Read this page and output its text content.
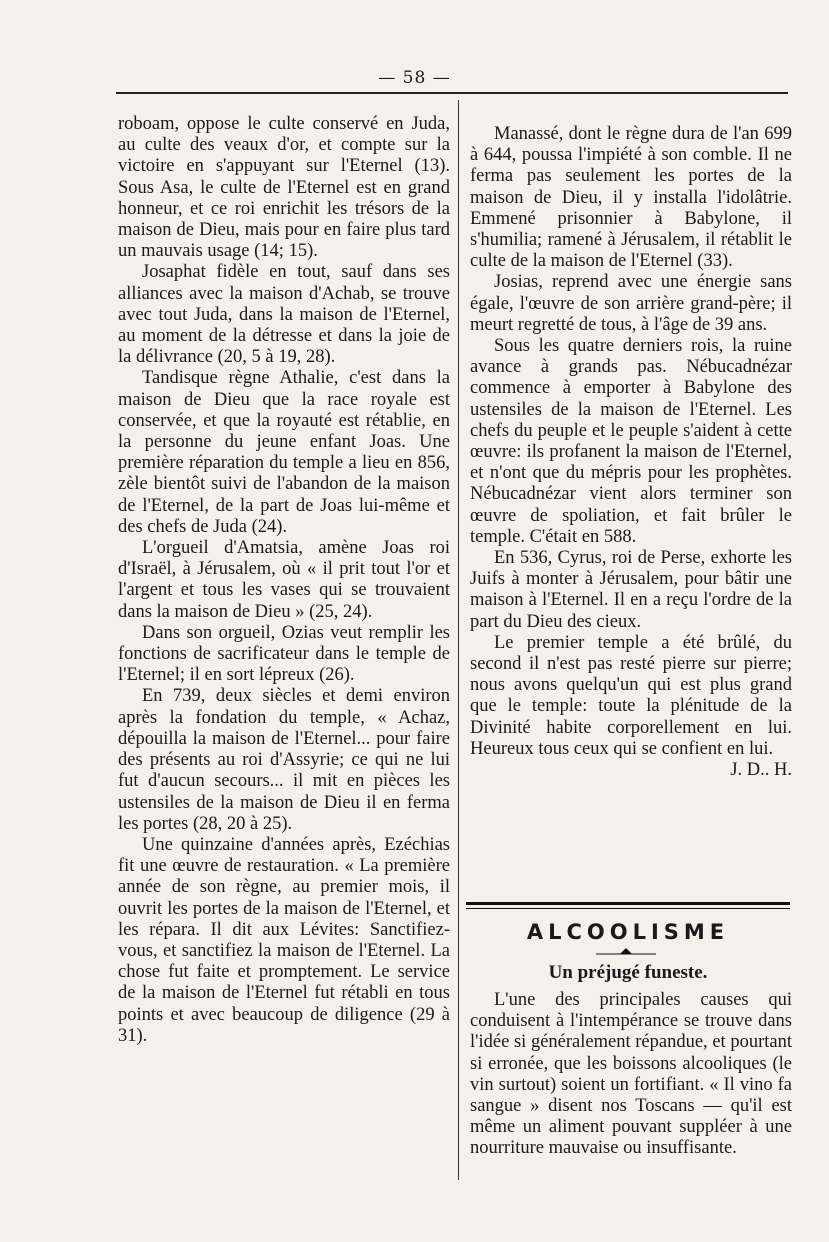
— 58 —

roboam, oppose le culte conservé en Juda, au culte des veaux d'or, et compte sur la victoire en s'appuyant sur l'Eternel (13). Sous Asa, le culte de l'Eternel est en grand honneur, et ce roi enrichit les trésors de la maison de Dieu, mais pour en faire plus tard un mauvais usage (14; 15).

Josaphat fidèle en tout, sauf dans ses alliances avec la maison d'Achab, se trouve avec tout Juda, dans la maison de l'Eternel, au moment de la détresse et dans la joie de la délivrance (20, 5 à 19, 28).

Tandisque règne Athalie, c'est dans la maison de Dieu que la race royale est conservée, et que la royauté est rétablie, en la personne du jeune enfant Joas. Une première réparation du temple a lieu en 856, zèle bientôt suivi de l'abandon de la maison de l'Eternel, de la part de Joas lui-même et des chefs de Juda (24).

L'orgueil d'Amatsia, amène Joas roi d'Israël, à Jérusalem, où « il prit tout l'or et l'argent et tous les vases qui se trouvaient dans la maison de Dieu » (25, 24).

Dans son orgueil, Ozias veut remplir les fonctions de sacrificateur dans le temple de l'Eternel; il en sort lépreux (26).

En 739, deux siècles et demi environ après la fondation du temple, « Achaz, dépouilla la maison de l'Eternel... pour faire des présents au roi d'Assyrie; ce qui ne lui fut d'aucun secours... il mit en pièces les ustensiles de la maison de Dieu il en ferma les portes (28, 20 à 25).

Une quinzaine d'années après, Ezéchias fit une œuvre de restauration. « La première année de son règne, au premier mois, il ouvrit les portes de la maison de l'Eternel, et les répara. Il dit aux Lévites: Sanctifiez-vous, et sanctifiez la maison de l'Eternel. La chose fut faite et promptement. Le service de la maison de l'Eternel fut rétabli en tous points et avec beaucoup de diligence (29 à 31).

Manassé, dont le règne dura de l'an 699 à 644, poussa l'impiété à son comble. Il ne ferma pas seulement les portes de la maison de Dieu, il y installa l'idolâtrie. Emmené prisonnier à Babylone, il s'humilia; ramené à Jérusalem, il rétablit le culte de la maison de l'Eternel (33).

Josias, reprend avec une énergie sans égale, l'œuvre de son arrière grand-père; il meurt regretté de tous, à l'âge de 39 ans.

Sous les quatre derniers rois, la ruine avance à grands pas. Nébucadnézar commence à emporter à Babylone des ustensiles de la maison de l'Eternel. Les chefs du peuple et le peuple s'aident à cette œuvre: ils profanent la maison de l'Eternel, et n'ont que du mépris pour les prophètes. Nébucadnézar vient alors terminer son œuvre de spoliation, et fait brûler le temple. C'était en 588.

En 536, Cyrus, roi de Perse, exhorte les Juifs à monter à Jérusalem, pour bâtir une maison à l'Eternel. Il en a reçu l'ordre de la part du Dieu des cieux.

Le premier temple a été brûlé, du second il n'est pas resté pierre sur pierre; nous avons quelqu'un qui est plus grand que le temple: toute la plénitude de la Divinité habite corporellement en lui. Heureux tous ceux qui se confient en lui.

J. D.. H.

ALCOOLISME
Un préjugé funeste.

L'une des principales causes qui conduisent à l'intempérance se trouve dans l'idée si généralement répandue, et pourtant si erronée, que les boissons alcooliques (le vin surtout) soient un fortifiant. « Il vino fa sangue » disent nos Toscans — qu'il est même un aliment pouvant suppléer à une nourriture mauvaise ou insuffisante.
